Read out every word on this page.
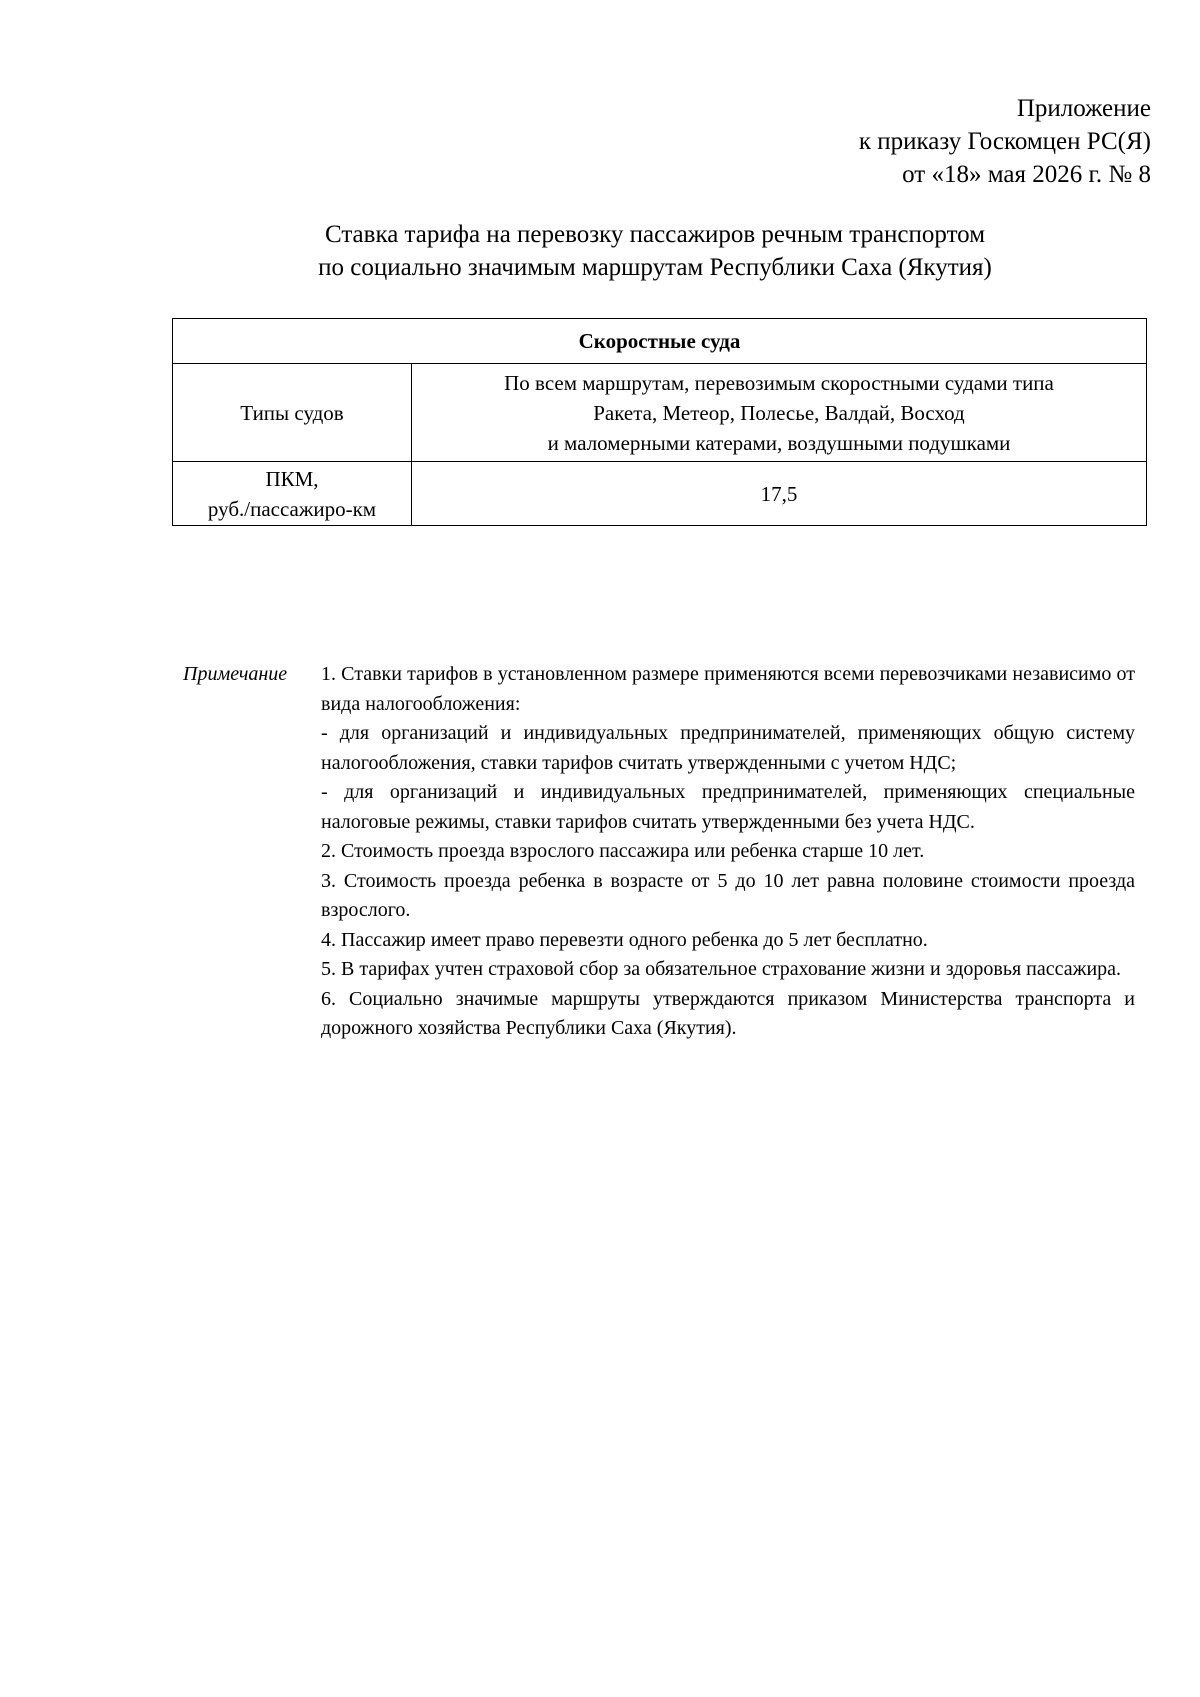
Приложение
к приказу Госкомцен РС(Я)
от «18» мая 2026 г. № 8
Ставка тарифа на перевозку пассажиров речным транспортом
по социально значимым маршрутам Республики Саха (Якутия)
Скоростные суда	
Типы судов	По всем маршрутам, перевозимым скоростными судами типа
Ракета, Метеор, Полесье, Валдай, Восход
и маломерными катерами, воздушными подушками

ПКМ,
руб./пассажиро-км	17,5
Примечание 1. Ставки тарифов в установленном размере применяются всеми перевозчиками независимо от вида налогообложения:

- для организаций и индивидуальных предпринимателей, применяющих общую систему налогообложения, ставки тарифов считать утвержденными с учетом НДС;

- для организаций и индивидуальных предпринимателей, применяющих специальные налоговые режимы, ставки тарифов считать утвержденными без учета НДС.

2. Стоимость проезда взрослого пассажира или ребенка старше 10 лет.

3. Стоимость проезда ребенка в возрасте от 5 до 10 лет равна половине стоимости проезда взрослого.

4. Пассажир имеет право перевезти одного ребенка до 5 лет бесплатно.

5. В тарифах учтен страховой сбор за обязательное страхование жизни и здоровья пассажира.

6. Социально значимые маршруты утверждаются приказом Министерства транспорта и дорожного хозяйства Республики Саха (Якутия).
